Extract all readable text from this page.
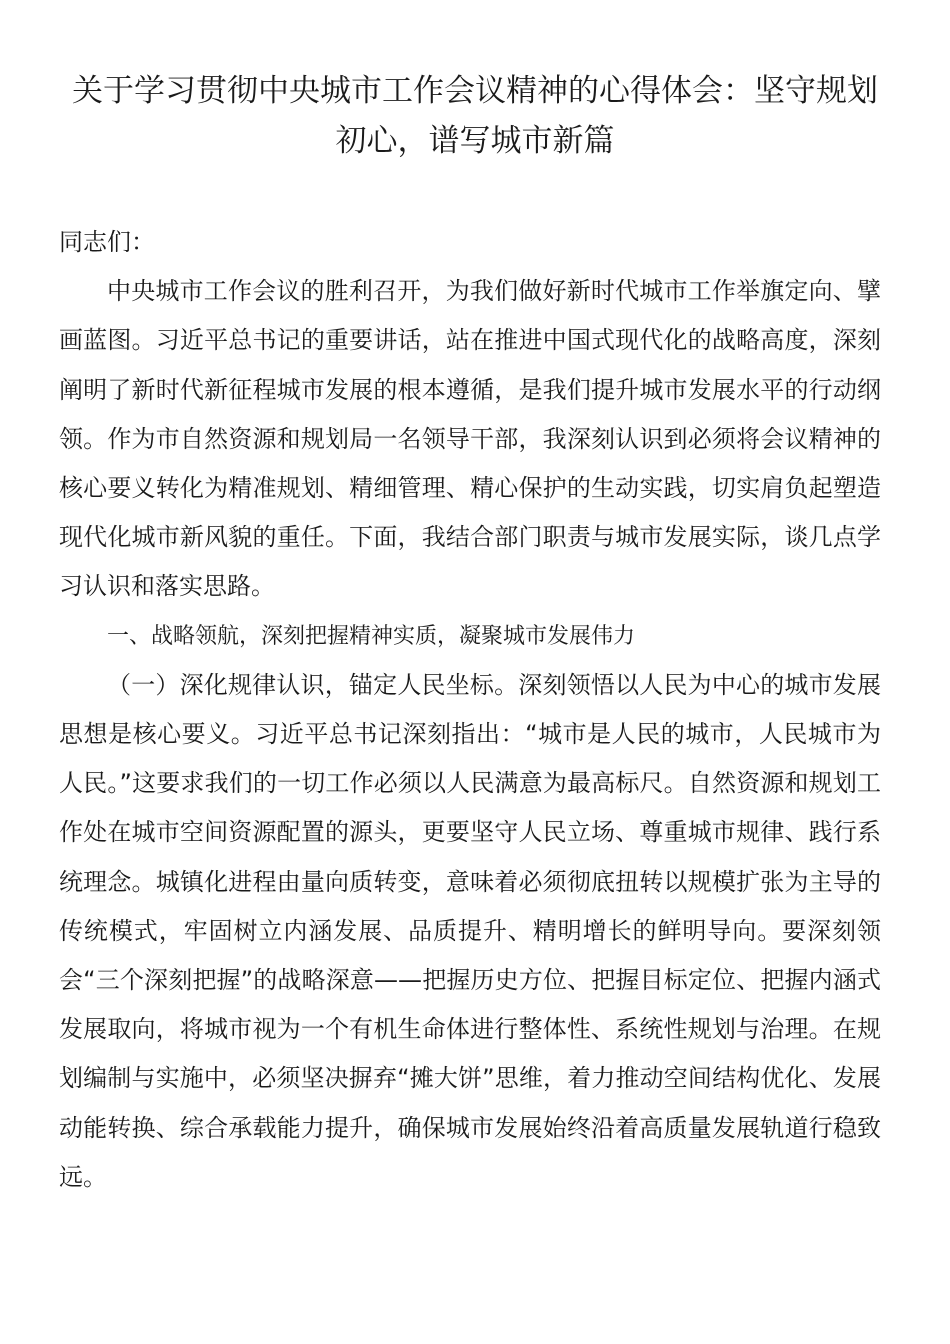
关于学习贯彻中央城市工作会议精神的心得体会：坚守规划初心，谱写城市新篇

同志们：

中央城市工作会议的胜利召开，为我们做好新时代城市工作举旗定向、擘画蓝图。习近平总书记的重要讲话，站在推进中国式现代化的战略高度，深刻阐明了新时代新征程城市发展的根本遵循，是我们提升城市发展水平的行动纲领。作为市自然资源和规划局一名领导干部，我深刻认识到必须将会议精神的核心要义转化为精准规划、精细管理、精心保护的生动实践，切实肩负起塑造现代化城市新风貌的重任。下面，我结合部门职责与城市发展实际，谈几点学习认识和落实思路。

一、战略领航，深刻把握精神实质，凝聚城市发展伟力

（一）深化规律认识，锚定人民坐标。深刻领悟以人民为中心的城市发展思想是核心要义。习近平总书记深刻指出：“城市是人民的城市，人民城市为人民。”这要求我们的一切工作必须以人民满意为最高标尺。自然资源和规划工作处在城市空间资源配置的源头，更要坚守人民立场、尊重城市规律、践行系统理念。城镇化进程由量向质转变，意味着必须彻底扭转以规模扩张为主导的传统模式，牢固树立内涵发展、品质提升、精明增长的鲜明导向。要深刻领会“三个深刻把握”的战略深意——把握历史方位、把握目标定位、把握内涵式发展取向，将城市视为一个有机生命体进行整体性、系统性规划与治理。在规划编制与实施中，必须坚决摒弃“摊大饼”思维，着力推动空间结构优化、发展动能转换、综合承载能力提升，确保城市发展始终沿着高质量发展轨道行稳致远。
